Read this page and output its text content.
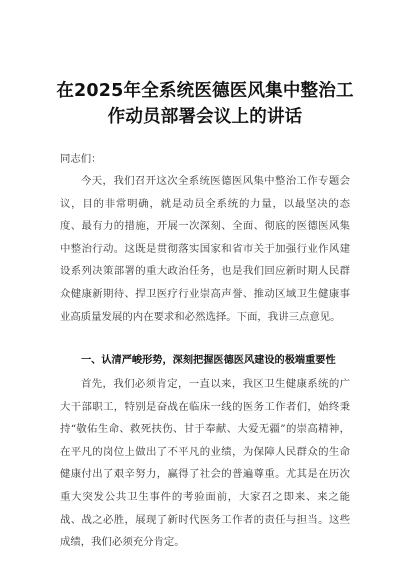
在2025年全系统医德医风集中整治工
作动员部署会议上的讲话
同志们：
今天，我们召开这次全系统医德医风集中整治工作专题会议，目的非常明确，就是动员全系统的力量，以最坚决的态度、最有力的措施，开展一次深刻、全面、彻底的医德医风集中整治行动。这既是贯彻落实国家和省市关于加强行业作风建设系列决策部署的重大政治任务，也是我们回应新时期人民群众健康新期待、捍卫医疗行业崇高声誉、推动区域卫生健康事业高质量发展的内在要求和必然选择。下面，我讲三点意见。
一、认清严峻形势，深刻把握医德医风建设的极端重要性
首先，我们必须肯定，一直以来，我区卫生健康系统的广大干部职工，特别是奋战在临床一线的医务工作者们，始终秉持“敬佑生命、救死扶伤、甘于奉献、大爱无疆”的崇高精神，在平凡的岗位上做出了不平凡的业绩，为保障人民群众的生命健康付出了艰辛努力，赢得了社会的普遍尊重。尤其是在历次重大突发公共卫生事件的考验面前，大家召之即来、来之能战、战之必胜，展现了新时代医务工作者的责任与担当。这些成绩，我们必须充分肯定。
